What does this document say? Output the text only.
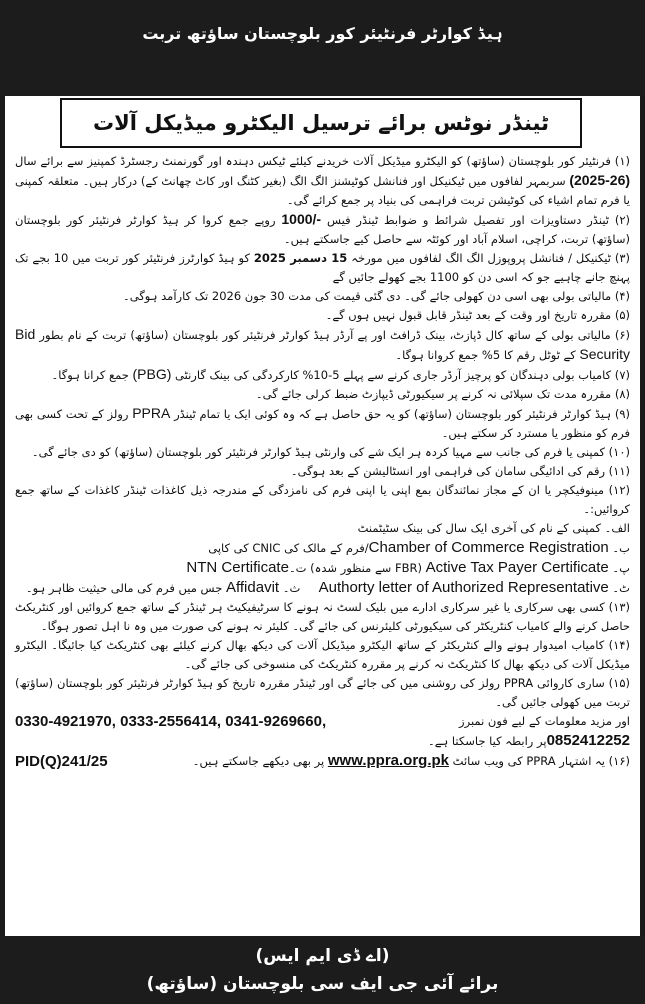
ہیڈ کوارٹر فرنٹیئر کور بلوچستان ساؤتھ تربت
ٹینڈر نوٹس برائے ترسیل الیکٹرو میڈیکل آلات

(۱) فرنٹیئر کور بلوچستان (ساؤتھ) کو الیکٹرو میڈیکل آلات خریدنے کیلئے ٹیکس دہندہ اور گورنمنٹ رجسٹرڈ کمپنیز سے برائے سال (2025-26) سربمہر لفافوں میں ٹیکنیکل اور فنانشل کوٹیشنز الگ الگ (بغیر کٹنگ اور کاٹ چھانٹ کے) درکار ہیں۔ متعلقہ کمپنی یا فرم تمام اشیاء کی کوٹیشن تربت فراہمی کی بنیاد پر جمع کرائے گی۔

(۲) ٹینڈر دستاویزات اور تفصیل شرائط و ضوابط ٹینڈر فیس 1000/- روپے جمع کروا کر ہیڈ کوارٹر فرنٹیئر کور بلوچستان (ساؤتھ) تربت، کراچی، اسلام آباد اور کوئٹہ سے حاصل کیے جاسکتے ہیں۔

(۳) ٹیکنیکل / فنانشل پروپوزل الگ الگ لفافوں میں مورخہ 15 دسمبر 2025 کو ہیڈ کوارٹرز فرنٹیئر کور تربت میں 10 بجے تک پہنچ جانے چاہیے جو کہ اسی دن کو 1100 بجے کھولے جائیں گے

(۴) مالیاتی بولی بھی اسی دن کھولی جائے گی۔ دی گئی قیمت کی مدت 30 جون 2026 تک کارآمد ہوگی۔

(۵) مقررہ تاریخ اور وقت کے بعد ٹینڈر قابل قبول نہیں ہوں گے۔

(۶) مالیاتی بولی کے ساتھ کال ڈپازٹ، بینک ڈرافٹ اور پے آرڈر ہیڈ کوارٹر فرنٹیئر کور بلوچستان (ساؤتھ) تربت کے نام بطور Bid Security کے ٹوٹل رقم کا 5% جمع کروانا ہوگا۔

(۷) کامیاب بولی دہندگان کو پرچیز آرڈر جاری کرنے سے پہلے 5-10% کارکردگی کی بینک گارنٹی (PBG) جمع کرانا ہوگا۔

(۸) مقررہ مدت تک سپلائی نہ کرنے پر سیکیورٹی ڈیپازٹ ضبط کرلی جائے گی۔

(۹) ہیڈ کوارٹر فرنٹیئر کور بلوچستان (ساؤتھ) کو یہ حق حاصل ہے کہ وہ کوئی ایک یا تمام ٹینڈر PPRA رولز کے تحت کسی بھی فرم کو منظور یا مسترد کر سکتے ہیں۔

(۱۰) کمپنی یا فرم کی جانب سے مہیا کردہ ہر ایک شے کی وارنٹی ہیڈ کوارٹر فرنٹیئر کور بلوچستان (ساؤتھ) کو دی جائے گی۔

(۱۱) رقم کی ادائیگی سامان کی فراہمی اور انسٹالیشن کے بعد ہوگی۔

(۱۲) مینوفیکچر یا ان کے مجاز نمائندگان بمع اپنی یا اپنی فرم کی نامزدگی کے مندرجہ ذیل کاغذات ٹینڈر کاغذات کے ساتھ جمع کروائیں:۔

الف۔ کمپنی کے نام کی آخری ایک سال کی بینک سٹیٹمنٹ

ب۔ Chamber of Commerce Registration/فرم کے مالک کی CNIC کی کاپی

پ۔ Active Tax Payer Certificate (FBR سے منظور شدہ) ت۔NTN Certificate

ٹ۔ Authorty letter of Authorized Representative     ث۔ Affidavit جس میں فرم کی مالی حیثیت ظاہر ہو۔

(۱۳) کسی بھی سرکاری یا غیر سرکاری ادارے میں بلیک لسٹ نہ ہونے کا سرٹیفیکیٹ ہر ٹینڈر کے ساتھ جمع کروائیں اور کنٹریکٹ حاصل کرنے والے کامیاب کنٹریکٹر کی سیکیورٹی کلیئرنس کی جائے گی۔ کلیئر نہ ہونے کی صورت میں وہ نا اہل تصور ہوگا۔

(۱۴) کامیاب امیدوار ہونے والے کنٹریکٹر کے ساتھ الیکٹرو میڈیکل آلات کی دیکھ بھال کرنے کیلئے بھی کنٹریکٹ کیا جائیگا۔ الیکٹرو میڈیکل آلات کی دیکھ بھال کا کنٹریکٹ نہ کرنے پر مقررہ کنٹریکٹ کی منسوخی کی جائے گی۔

(۱۵) ساری کاروائی PPRA رولز کی روشنی میں کی جائے گی اور ٹینڈر مقررہ تاریخ کو ہیڈ کوارٹر فرنٹیئر کور بلوچستان (ساؤتھ) تربت میں کھولی جائیں گی۔

اور مزید معلومات کے لیے فون نمبرز
0330-4921970, 0333-2556414, 0341-9269660,

0852412252پر رابطہ کیا جاسکتا ہے۔

(۱۶) یہ اشتہار PPRA کی ویب سائٹ www.ppra.org.pk پر بھی دیکھے جاسکتے ہیں۔
PID(Q)241/25

(اے ڈی ایم ایس)
برائے آئی جی ایف سی بلوچستان (ساؤتھ)
